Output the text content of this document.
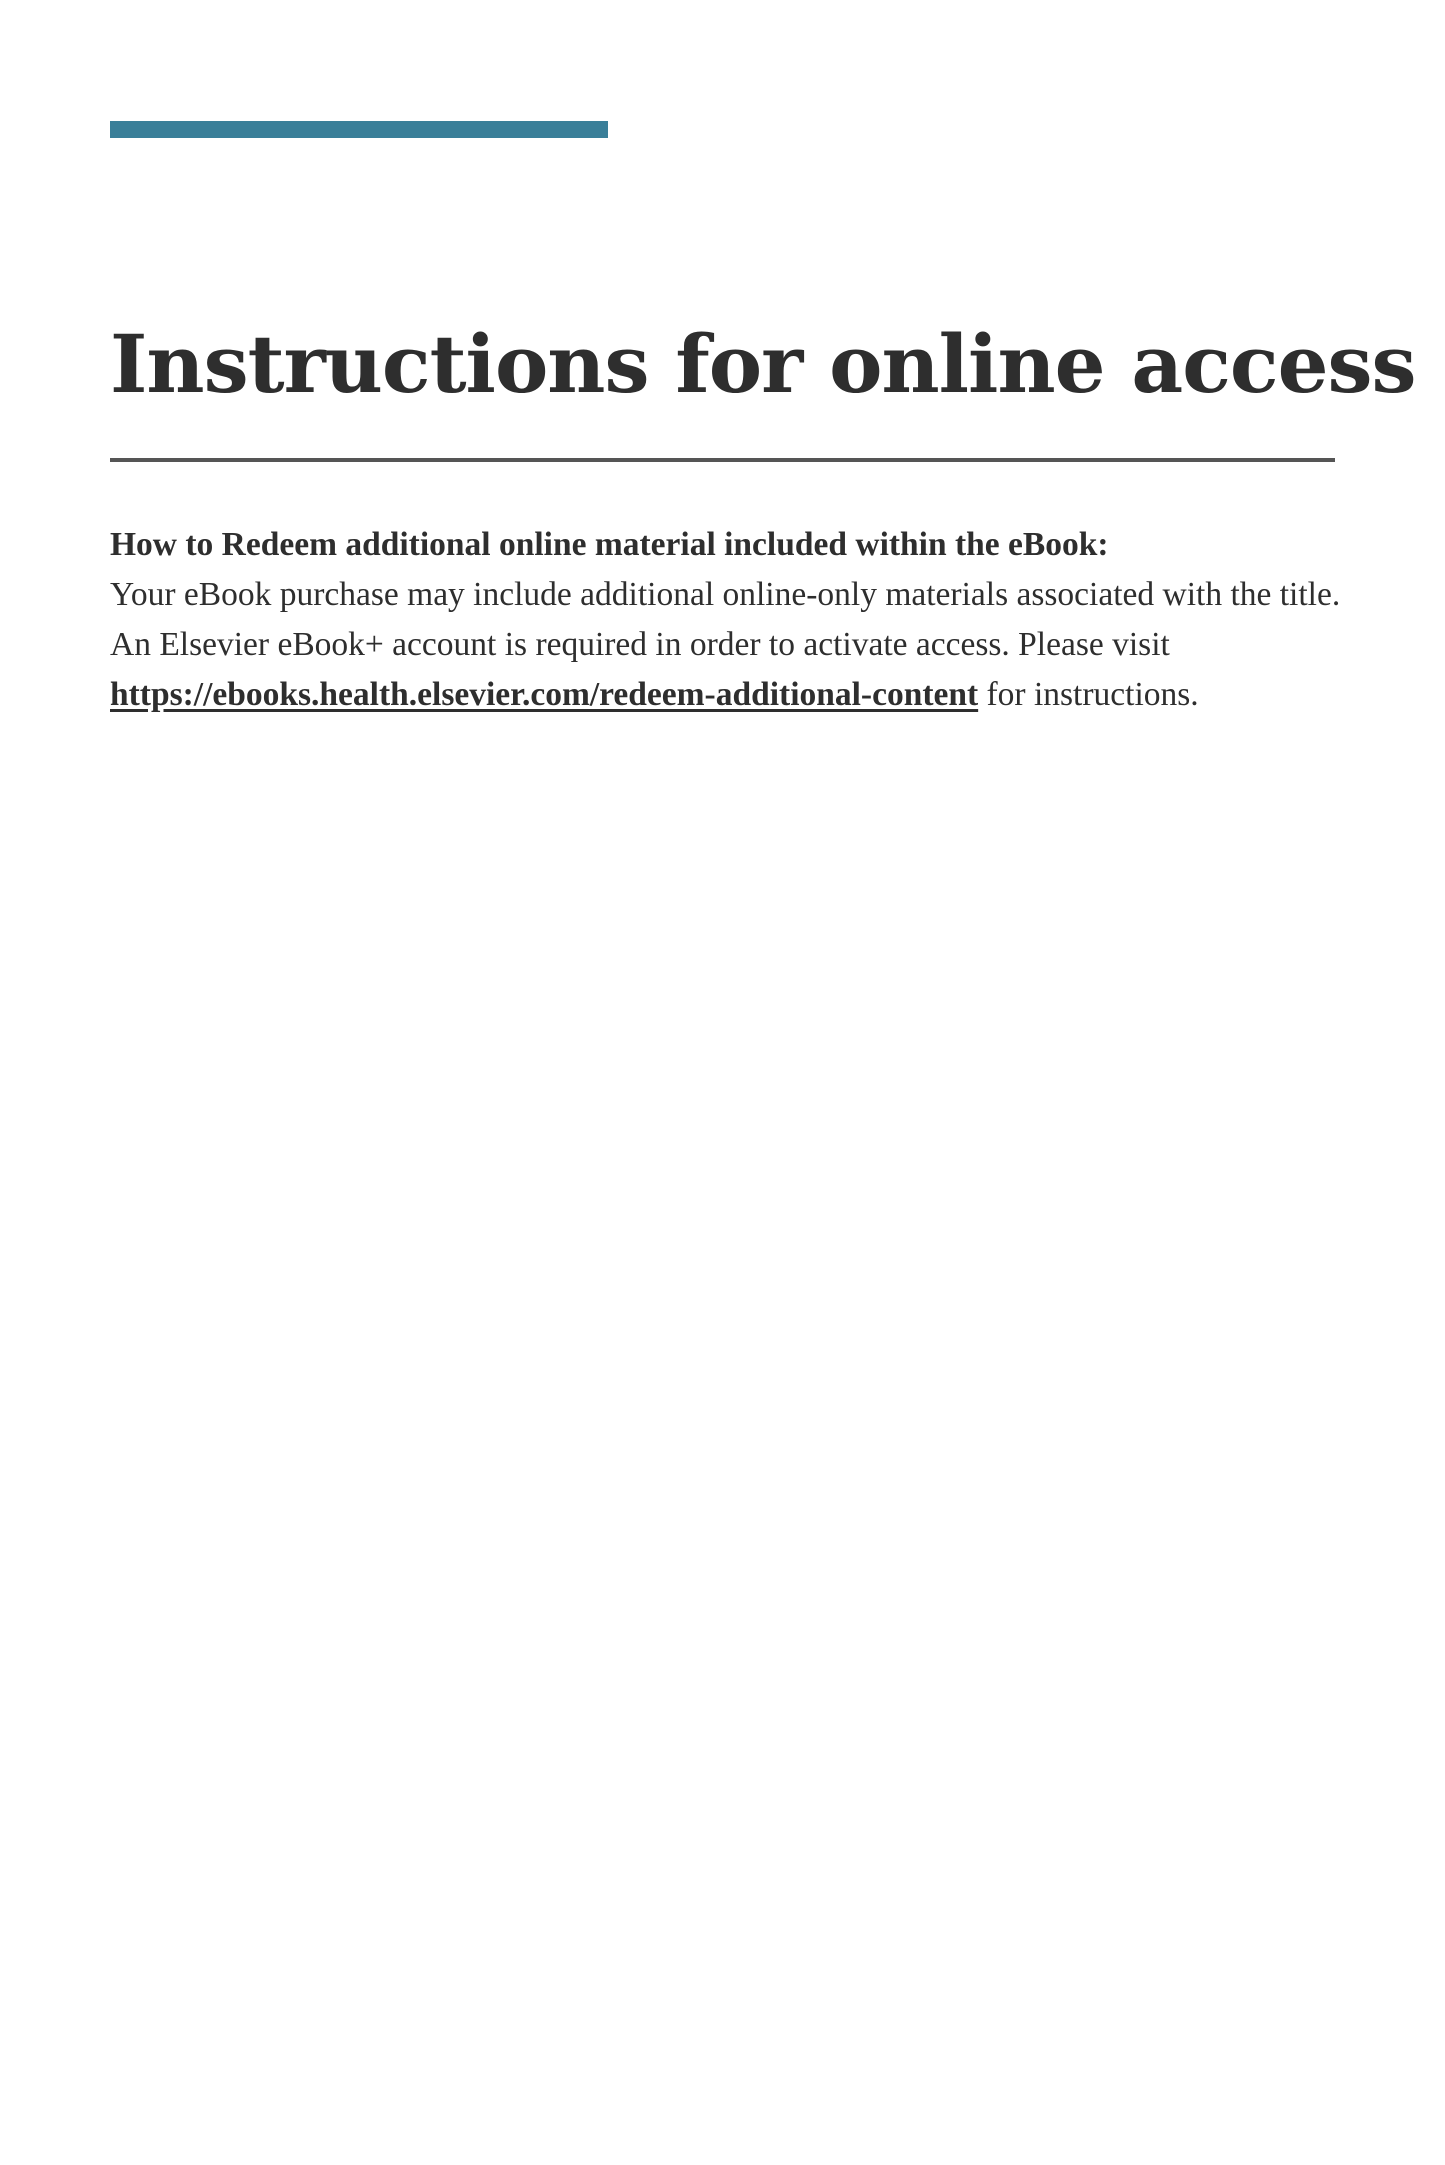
Instructions for online access

How to Redeem additional online material included within the eBook:
Your eBook purchase may include additional online-only materials associated with the title. An Elsevier eBook+ account is required in order to activate access. Please visit https://ebooks.health.elsevier.com/redeem-additional-content for instructions.
